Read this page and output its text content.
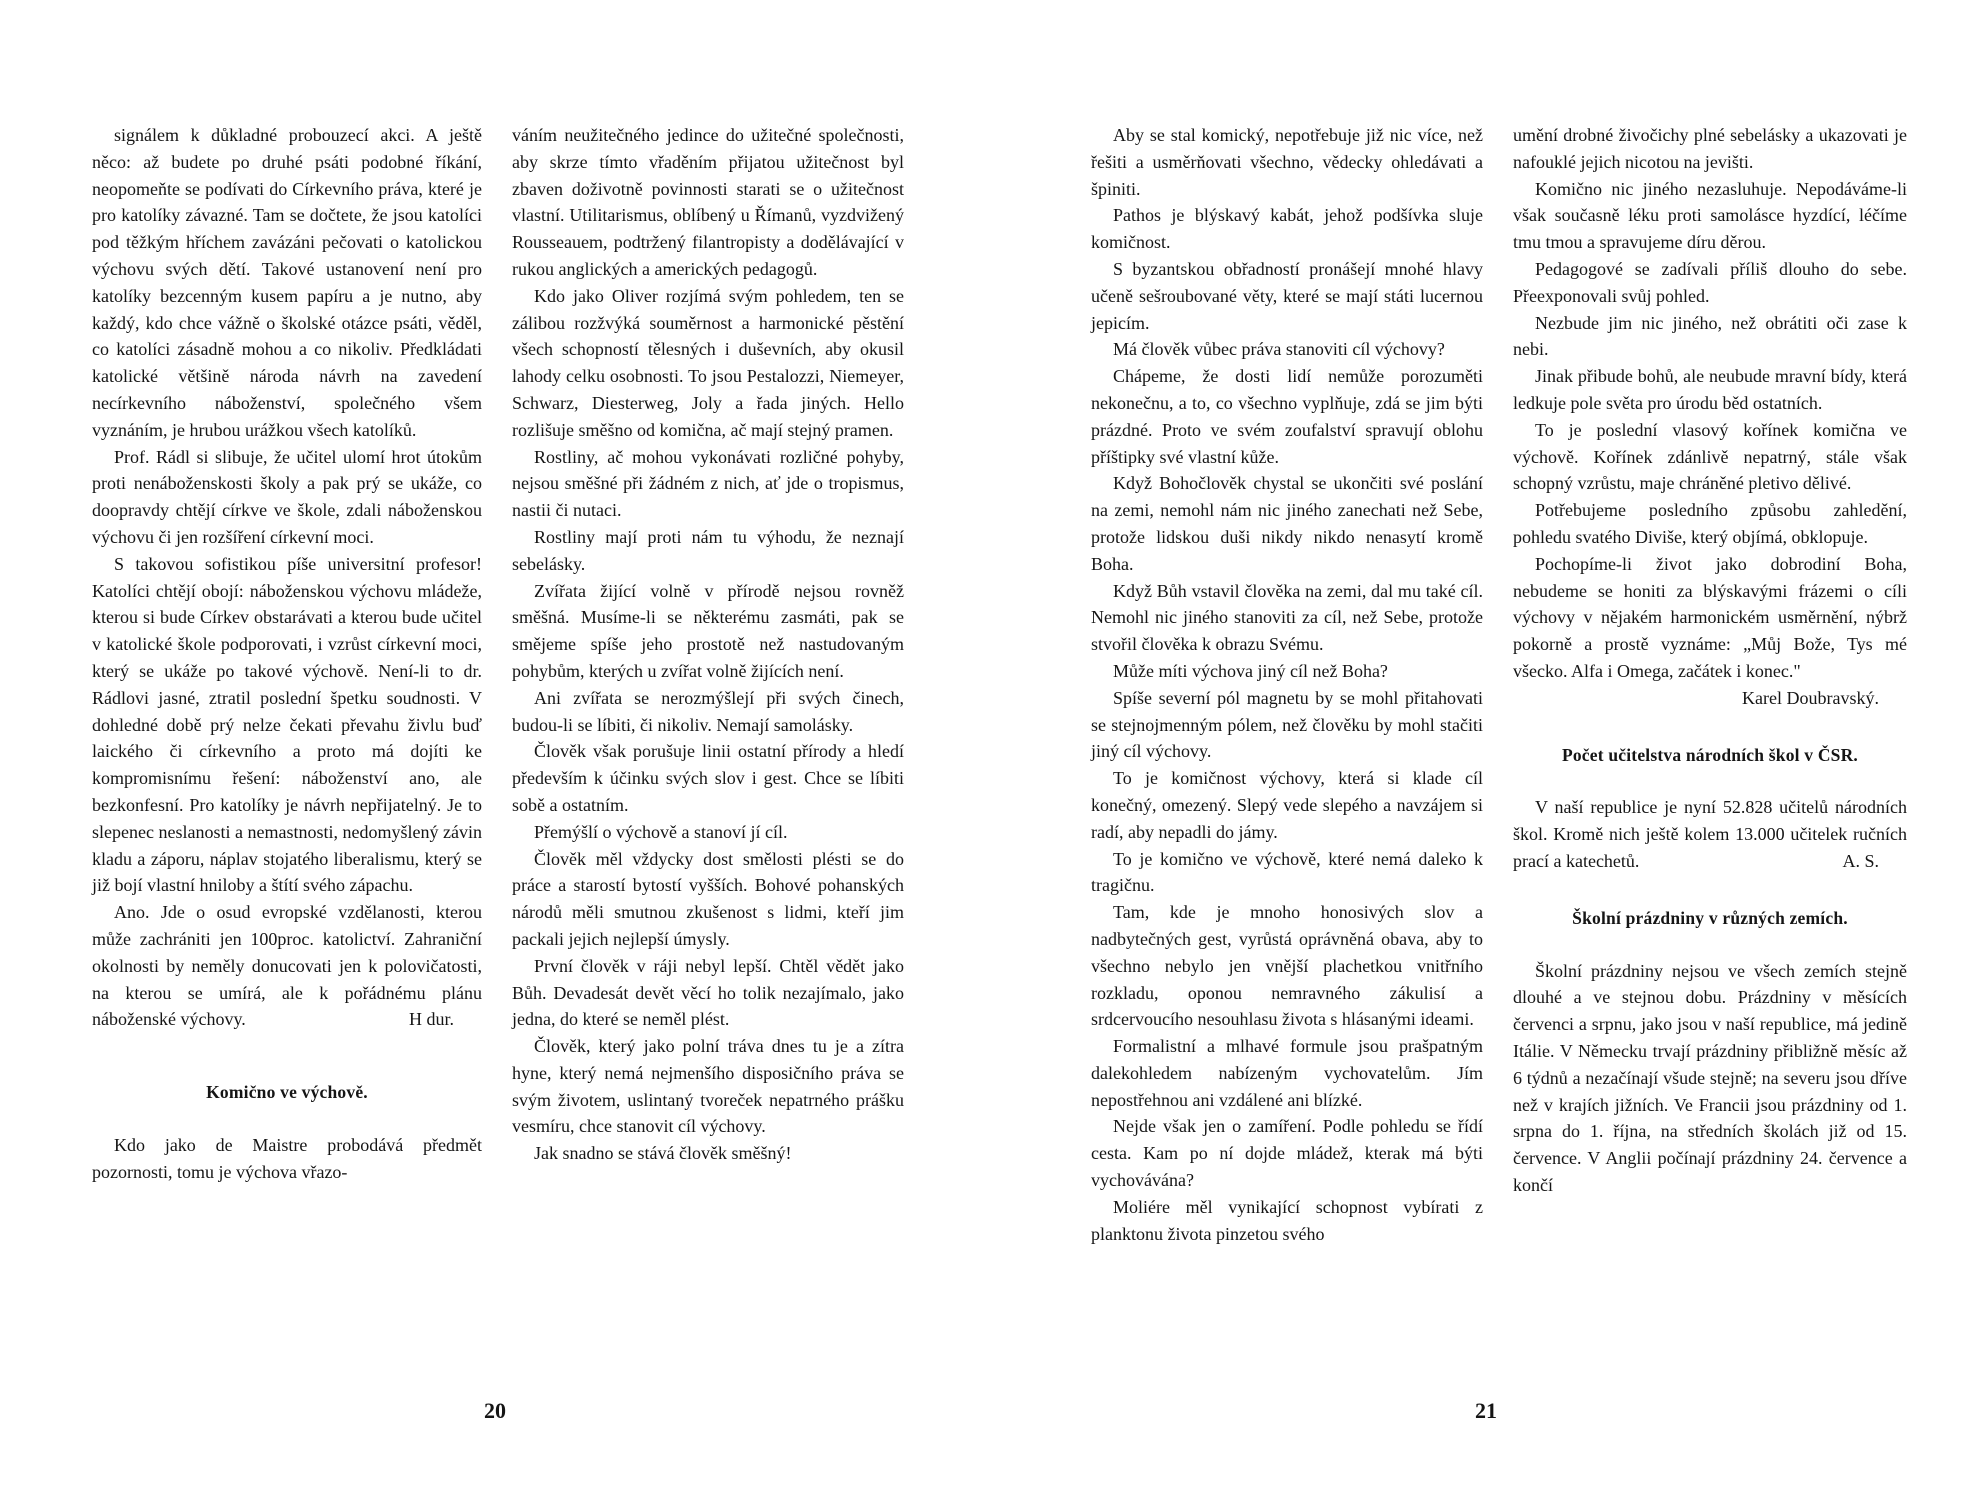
signálem k důkladné probouzecí akci. A ještě něco: až budete po druhé psáti podobné říkání, neopomeňte se podívati do Církevního práva, které je pro katolíky závazné. Tam se dočtete, že jsou katolíci pod těžkým hříchem zavázáni pečovati o katolickou výchovu svých dětí. Takové ustanovení není pro katolíky bezcenným kusem papíru a je nutno, aby každý, kdo chce vážně o školské otázce psáti, věděl, co katolíci zásadně mohou a co nikoliv. Předkládati katolické většině národa návrh na zavedení necírkevního náboženství, společného všem vyznáním, je hrubou urážkou všech katolíků.

Prof. Rádl si slibuje, že učitel ulomí hrot útokům proti nenáboženskosti školy a pak prý se ukáže, co doopravdy chtějí církve ve škole, zdali náboženskou výchovu či jen rozšíření církevní moci.

S takovou sofistikou píše universitní profesor! Katolíci chtějí obojí: náboženskou výchovu mládeže, kterou si bude Církev obstarávati a kterou bude učitel v katolické škole podporovati, i vzrůst církevní moci, který se ukáže po takové výchově. Není-li to dr. Rádlovi jasné, ztratil poslední špetku soudnosti. V dohledné době prý nelze čekati převahu živlu buď laického či církevního a proto má dojíti ke kompromisnímu řešení: náboženství ano, ale bezkonfesní. Pro katolíky je návrh nepřijatelný. Je to slepenec neslanosti a nemastnosti, nedomyšlený závin kladu a záporu, náplav stojatého liberalismu, který se již bojí vlastní hniloby a štítí svého zápachu.

Ano. Jde o osud evropské vzdělanosti, kterou může zachrániti jen 100proc. katolictví. Zahraniční okolnosti by neměly donucovati jen k polovičatosti, na kterou se umírá, ale k pořádnému plánu náboženské výchovy.	H dur.

Komično ve výchově.

Kdo jako de Maistre probodává předmět pozornosti, tomu je výchova vřazo-

váním neužitečného jedince do užitečné společnosti, aby skrze tímto vřaděním přijatou užitečnost byl zbaven doživotně povinnosti starati se o užitečnost vlastní. Utilitarismus, oblíbený u Římanů, vyzdvižený Rousseauem, podtržený filantropisty a dodělávající v rukou anglických a amerických pedagogů.

Kdo jako Oliver rozjímá svým pohledem, ten se zálibou rozžvýká souměrnost a harmonické pěstění všech schopností tělesných i duševních, aby okusil lahody celku osobnosti. To jsou Pestalozzi, Niemeyer, Schwarz, Diesterweg, Joly a řada jiných. Hello rozlišuje směšno od komična, ač mají stejný pramen.

Rostliny, ač mohou vykonávati rozličné pohyby, nejsou směšné při žádném z nich, ať jde o tropismus, nastii či nutaci.

Rostliny mají proti nám tu výhodu, že neznají sebelásky.

Zvířata žijící volně v přírodě nejsou rovněž směšná. Musíme-li se některému zasmáti, pak se smějeme spíše jeho prostotě než nastudovaným pohybům, kterých u zvířat volně žijících není.

Ani zvířata se nerozmýšlejí při svých činech, budou-li se líbiti, či nikoliv. Nemají samolásky.

Člověk však porušuje linii ostatní přírody a hledí především k účinku svých slov i gest. Chce se líbiti sobě a ostatním.

Přemýšlí o výchově a stanoví jí cíl.

Člověk měl vždycky dost smělosti plésti se do práce a starostí bytostí vyšších. Bohové pohanských národů měli smutnou zkušenost s lidmi, kteří jim packali jejich nejlepší úmysly.

První člověk v ráji nebyl lepší. Chtěl vědět jako Bůh. Devadesát devět věcí ho tolik nezajímalo, jako jedna, do které se neměl plést.

Člověk, který jako polní tráva dnes tu je a zítra hyne, který nemá nejmenšího disposičního práva se svým životem, uslintaný tvoreček nepatrného prášku vesmíru, chce stanovit cíl výchovy.

Jak snadno se stává člověk směšný!

20

Aby se stal komický, nepotřebuje již nic více, než řešiti a usměrňovati všechno, vědecky ohledávati a špiniti.

Pathos je blýskavý kabát, jehož podšívka sluje komičnost.

S byzantskou obřadností pronášejí mnohé hlavy učeně sešroubované věty, které se mají státi lucernou jepicím.

Má člověk vůbec práva stanoviti cíl výchovy?

Chápeme, že dosti lidí nemůže porozuměti nekonečnu, a to, co všechno vyplňuje, zdá se jim býti prázdné. Proto ve svém zoufalství spravují oblohu příštipky své vlastní kůže.

Když Bohočlověk chystal se ukončiti své poslání na zemi, nemohl nám nic jiného zanechati než Sebe, protože lidskou duši nikdy nikdo nenasytí kromě Boha.

Když Bůh vstavil člověka na zemi, dal mu také cíl. Nemohl nic jiného stanoviti za cíl, než Sebe, protože stvořil člověka k obrazu Svému.

Může míti výchova jiný cíl než Boha?

Spíše severní pól magnetu by se mohl přitahovati se stejnojmenným pólem, než člověku by mohl stačiti jiný cíl výchovy.

To je komičnost výchovy, která si klade cíl konečný, omezený. Slepý vede slepého a navzájem si radí, aby nepadli do jámy.

To je komično ve výchově, které nemá daleko k tragičnu.

Tam, kde je mnoho honosivých slov a nadbytečných gest, vyrůstá oprávněná obava, aby to všechno nebylo jen vnější plachetkou vnitřního rozkladu, oponou nemravného zákulisí a srdcervoucího nesouhlasu života s hlásanými ideami.

Formalistní a mlhavé formule jsou prašpatným dalekohledem nabízeným vychovatelům. Jím nepostřehnou ani vzdálené ani blízké.

Nejde však jen o zamíření. Podle pohledu se řídí cesta. Kam po ní dojde mládež, kterak má býti vychovávána?

Moliére měl vynikající schopnost vybírati z planktonu života pinzetou svého

umění drobné živočichy plné sebelásky a ukazovati je nafouklé jejich nicotou na jevišti.

Komično nic jiného nezasluhuje. Nepodáváme-li však současně léku proti samolásce hyzdící, léčíme tmu tmou a spravujeme díru děrou.

Pedagogové se zadívali příliš dlouho do sebe. Přeexponovali svůj pohled.

Nezbude jim nic jiného, než obrátiti oči zase k nebi.

Jinak přibude bohů, ale neubude mravní bídy, která ledkuje pole světa pro úrodu běd ostatních.

To je poslední vlasový kořínek komična ve výchově. Kořínek zdánlivě nepatrný, stále však schopný vzrůstu, maje chráněné pletivo dělivé.

Potřebujeme posledního způsobu zahledění, pohledu svatého Diviše, který objímá, obklopuje.

Pochopíme-li život jako dobrodiní Boha, nebudeme se honiti za blýskavými frázemi o cíli výchovy v nějakém harmonickém usměrnění, nýbrž pokorně a prostě vyznáme: „Můj Bože, Tys mé všecko. Alfa i Omega, začátek i konec."

Karel Doubravský.

Počet učitelstva národních škol v ČSR.

V naší republice je nyní 52.828 učitelů národních škol. Kromě nich ještě kolem 13.000 učitelek ručních prací a katechetů.	A. S.

Školní prázdniny v různých zemích.

Školní prázdniny nejsou ve všech zemích stejně dlouhé a ve stejnou dobu. Prázdniny v měsících červenci a srpnu, jako jsou v naší republice, má jedině Itálie. V Německu trvají prázdniny přibližně měsíc až 6 týdnů a nezačínají všude stejně; na severu jsou dříve než v krajích jižních. Ve Francii jsou prázdniny od 1. srpna do 1. října, na středních školách již od 15. července. V Anglii počínají prázdniny 24. července a končí

21
